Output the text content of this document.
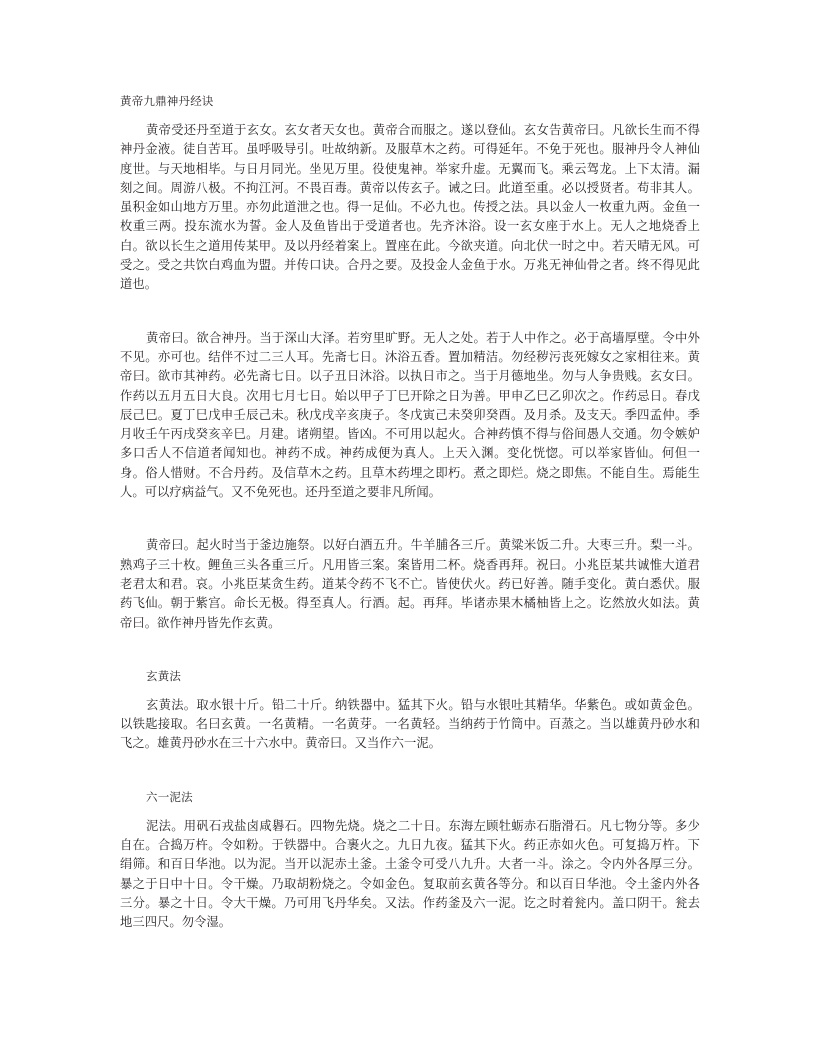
黄帝九鼎神丹经诀

黄帝受还丹至道于玄女。玄女者天女也。黄帝合而服之。遂以登仙。玄女告黄帝曰。凡欲长生而不得神丹金液。徒自苦耳。虽呼吸导引。吐故纳新。及服草木之药。可得延年。不免于死也。服神丹令人神仙度世。与天地相毕。与日月同光。坐见万里。役使鬼神。举家升虚。无翼而飞。乘云驾龙。上下太清。漏刻之间。周游八极。不拘江河。不畏百毒。黄帝以传玄子。诫之曰。此道至重。必以授贤者。苟非其人。虽积金如山地方万里。亦勿此道泄之也。得一足仙。不必九也。传授之法。具以金人一枚重九两。金鱼一枚重三两。投东流水为誓。金人及鱼皆出于受道者也。先齐沐浴。设一玄女座于水上。无人之地烧香上白。欲以长生之道用传某甲。及以丹经着案上。置座在此。今欲夹道。向北伏一时之中。若天晴无风。可受之。受之共饮白鸡血为盟。并传口诀。合丹之要。及投金人金鱼于水。万兆无神仙骨之者。终不得见此道也。

黄帝曰。欲合神丹。当于深山大泽。若穷里旷野。无人之处。若于人中作之。必于高墙厚壁。令中外不见。亦可也。结伴不过二三人耳。先斋七日。沐浴五香。置加精洁。勿经秽污丧死嫁女之家相往来。黄帝曰。欲市其神药。必先斋七日。以子丑日沐浴。以执日市之。当于月德地坐。勿与人争贵贱。玄女曰。作药以五月五日大良。次用七月七日。始以甲子丁巳开除之日为善。甲申乙巳乙卯次之。作药忌日。春戊辰己巳。夏丁巳戊申壬辰己未。秋戊戌辛亥庚子。冬戊寅己未癸卯癸酉。及月杀。及支天。季四孟仲。季月收壬午丙戌癸亥辛巳。月建。诸朔望。皆凶。不可用以起火。合神药慎不得与俗间愚人交通。勿令嫉妒多口舌人不信道者闻知也。神药不成。神药成便为真人。上天入渊。变化恍惚。可以举家皆仙。何但一身。俗人惜财。不合丹药。及信草木之药。且草木药埋之即朽。煮之即烂。烧之即焦。不能自生。焉能生人。可以疗病益气。又不免死也。还丹至道之要非凡所闻。

黄帝曰。起火时当于釜边施祭。以好白酒五升。牛羊脯各三斤。黄粱米饭二升。大枣三升。梨一斗。熟鸡子三十枚。鲤鱼三头各重三斤。凡用皆三案。案皆用二杯。烧香再拜。祝曰。小兆臣某共诚惟大道君老君太和君。哀。小兆臣某贪生药。道某令药不飞不亡。皆使伏火。药已好善。随手变化。黄白悉伏。服药飞仙。朝于紫宫。命长无极。得至真人。行酒。起。再拜。毕诸赤果木橘柚皆上之。讫然放火如法。黄帝曰。欲作神丹皆先作玄黄。

玄黄法

玄黄法。取水银十斤。铅二十斤。纳铁器中。猛其下火。铅与水银吐其精华。华紫色。或如黄金色。以铁匙接取。名曰玄黄。一名黄精。一名黄芽。一名黄轻。当纳药于竹筒中。百蒸之。当以雄黄丹砂水和飞之。雄黄丹砂水在三十六水中。黄帝曰。又当作六一泥。

六一泥法

泥法。用矾石戎盐卤咸礜石。四物先烧。烧之二十日。东海左顾牡蛎赤石脂滑石。凡七物分等。多少自在。合捣万杵。令如粉。于铁器中。合裹火之。九日九夜。猛其下火。药正赤如火色。可复捣万杵。下绢筛。和百日华池。以为泥。当开以泥赤土釜。土釜令可受八九升。大者一斗。涂之。令内外各厚三分。暴之于日中十日。令干燥。乃取胡粉烧之。令如金色。复取前玄黄各等分。和以百日华池。令土釜内外各三分。暴之十日。令大干燥。乃可用飞丹华矣。又法。作药釜及六一泥。讫之时着瓮内。盖口阴干。瓮去地三四尺。勿令湿。
